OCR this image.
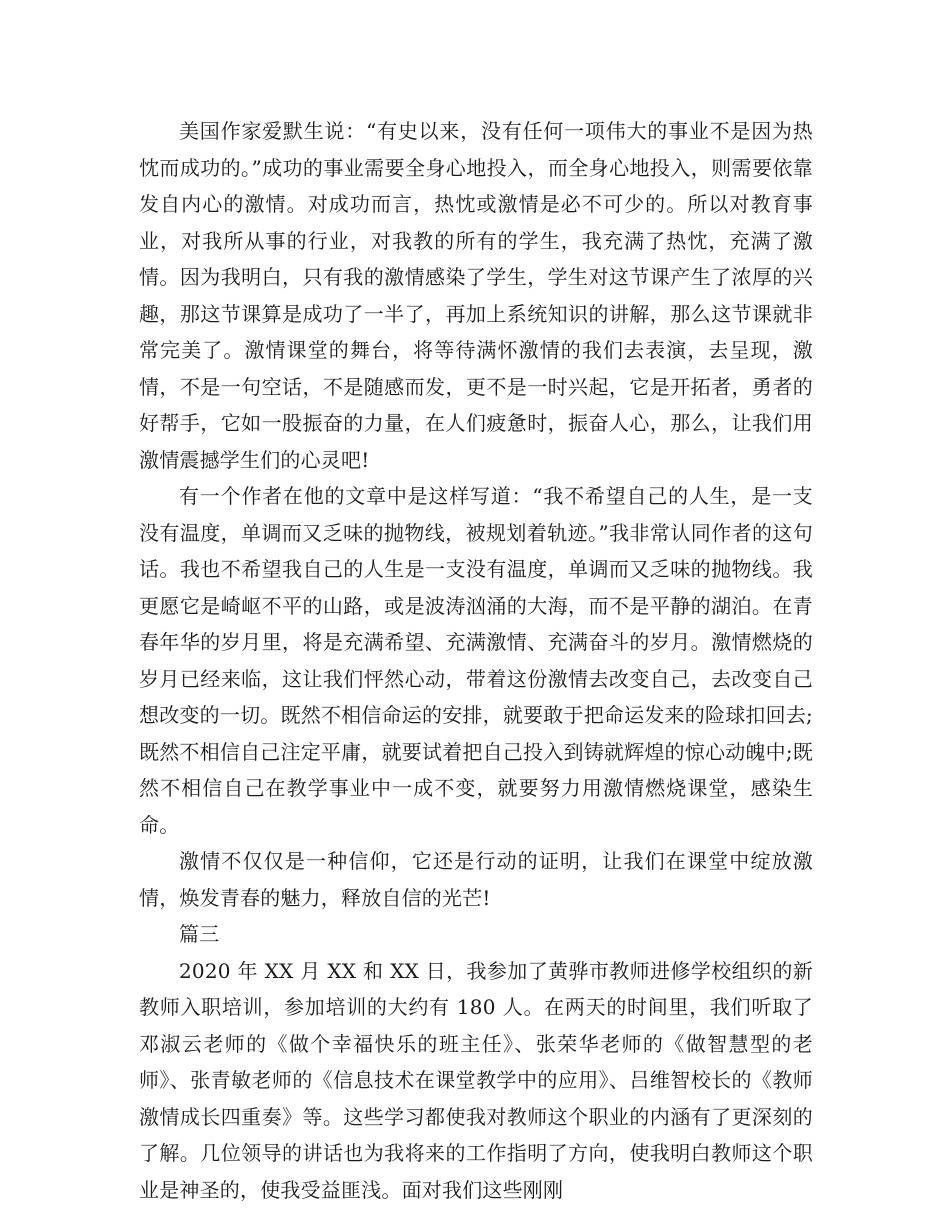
美国作家爱默生说：“有史以来，没有任何一项伟大的事业不是因为热忱而成功的。”成功的事业需要全身心地投入，而全身心地投入，则需要依靠发自内心的激情。对成功而言，热忱或激情是必不可少的。所以对教育事业，对我所从事的行业，对我教的所有的学生，我充满了热忱，充满了激情。因为我明白，只有我的激情感染了学生，学生对这节课产生了浓厚的兴趣，那这节课算是成功了一半了，再加上系统知识的讲解，那么这节课就非常完美了。激情课堂的舞台，将等待满怀激情的我们去表演，去呈现，激情，不是一句空话，不是随感而发，更不是一时兴起，它是开拓者，勇者的好帮手，它如一股振奋的力量，在人们疲惫时，振奋人心，那么，让我们用激情震撼学生们的心灵吧!

有一个作者在他的文章中是这样写道：“我不希望自己的人生，是一支没有温度，单调而又乏味的抛物线，被规划着轨迹。”我非常认同作者的这句话。我也不希望我自己的人生是一支没有温度，单调而又乏味的抛物线。我更愿它是崎岖不平的山路，或是波涛汹涌的大海，而不是平静的湖泊。在青春年华的岁月里，将是充满希望、充满激情、充满奋斗的岁月。激情燃烧的岁月已经来临，这让我们怦然心动，带着这份激情去改变自己，去改变自己想改变的一切。既然不相信命运的安排，就要敢于把命运发来的险球扣回去;既然不相信自己注定平庸，就要试着把自己投入到铸就辉煌的惊心动魄中;既然不相信自己在教学事业中一成不变，就要努力用激情燃烧课堂，感染生命。

激情不仅仅是一种信仰，它还是行动的证明，让我们在课堂中绽放激情，焕发青春的魅力，释放自信的光芒!

篇三

2020 年 XX 月 XX 和 XX 日，我参加了黄骅市教师进修学校组织的新教师入职培训，参加培训的大约有 180 人。在两天的时间里，我们听取了邓淑云老师的《做个幸福快乐的班主任》、张荣华老师的《做智慧型的老师》、张青敏老师的《信息技术在课堂教学中的应用》、吕维智校长的《教师激情成长四重奏》等。这些学习都使我对教师这个职业的内涵有了更深刻的了解。几位领导的讲话也为我将来的工作指明了方向，使我明白教师这个职业是神圣的，使我受益匪浅。面对我们这些刚刚
